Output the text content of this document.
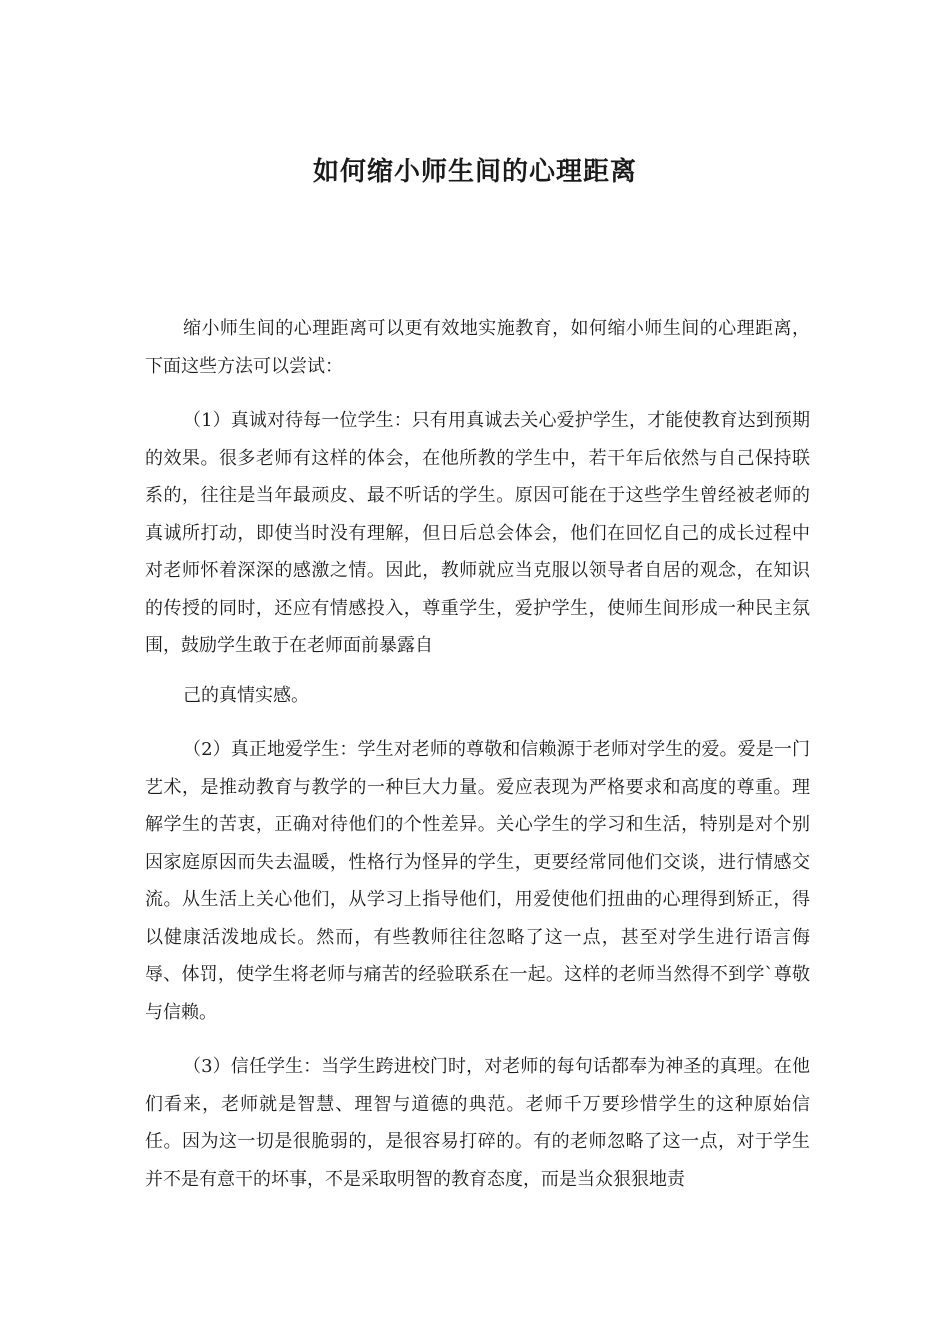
如何缩小师生间的心理距离

缩小师生间的心理距离可以更有效地实施教育，如何缩小师生间的心理距离，下面这些方法可以尝试：

（1）真诚对待每一位学生：只有用真诚去关心爱护学生，才能使教育达到预期的效果。很多老师有这样的体会，在他所教的学生中，若干年后依然与自己保持联系的，往往是当年最顽皮、最不听话的学生。原因可能在于这些学生曾经被老师的真诚所打动，即使当时没有理解，但日后总会体会，他们在回忆自己的成长过程中对老师怀着深深的感激之情。因此，教师就应当克服以领导者自居的观念，在知识的传授的同时，还应有情感投入，尊重学生，爱护学生，使师生间形成一种民主氛围，鼓励学生敢于在老师面前暴露自

己的真情实感。

（2）真正地爱学生：学生对老师的尊敬和信赖源于老师对学生的爱。爱是一门艺术，是推动教育与教学的一种巨大力量。爱应表现为严格要求和高度的尊重。理解学生的苦衷，正确对待他们的个性差异。关心学生的学习和生活，特别是对个别因家庭原因而失去温暖，性格行为怪异的学生，更要经常同他们交谈，进行情感交流。从生活上关心他们，从学习上指导他们，用爱使他们扭曲的心理得到矫正，得以健康活泼地成长。然而，有些教师往往忽略了这一点，甚至对学生进行语言侮辱、体罚，使学生将老师与痛苦的经验联系在一起。这样的老师当然得不到学`尊敬与信赖。

（3）信任学生：当学生跨进校门时，对老师的每句话都奉为神圣的真理。在他们看来，老师就是智慧、理智与道德的典范。老师千万要珍惜学生的这种原始信任。因为这一切是很脆弱的，是很容易打碎的。有的老师忽略了这一点，对于学生并不是有意干的坏事，不是采取明智的教育态度，而是当众狠狠地责
